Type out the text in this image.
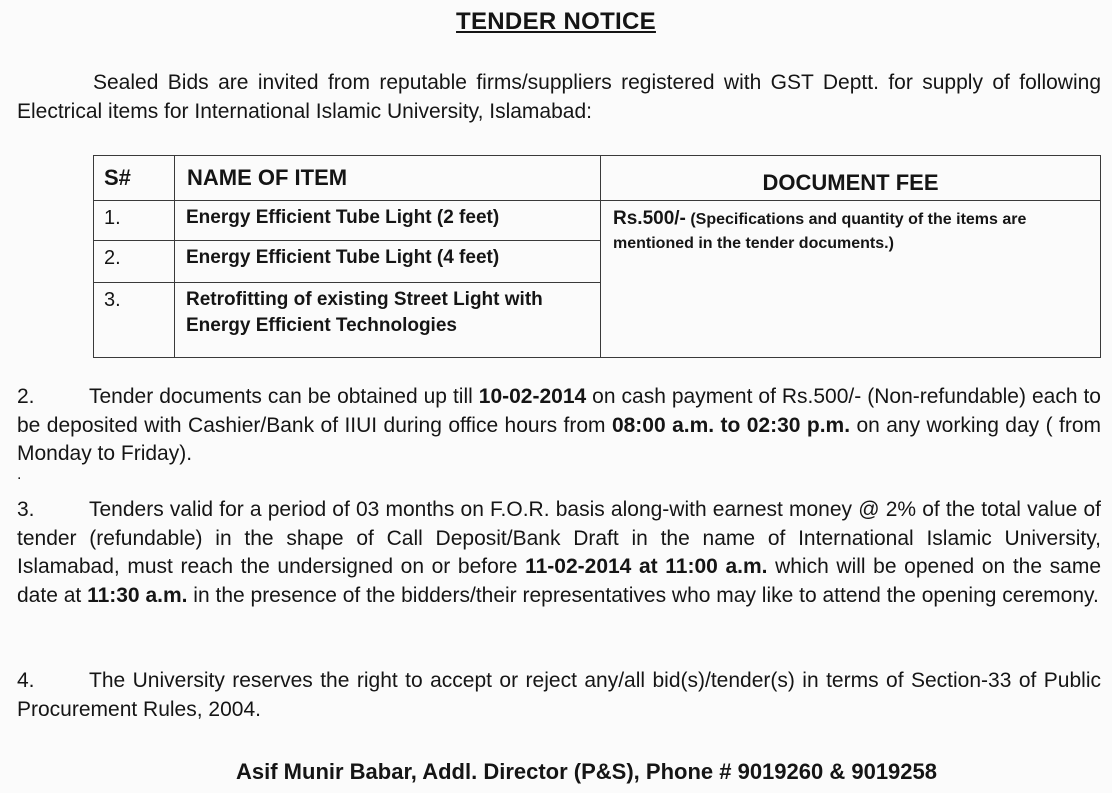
TENDER NOTICE

Sealed Bids are invited from reputable firms/suppliers registered with GST Deptt. for supply of following Electrical items for International Islamic University, Islamabad:

S#	NAME OF ITEM	DOCUMENT FEE
1.	Energy Efficient Tube Light (2 feet)	Rs.500/- (Specifications and quantity of the items are mentioned in the tender documents.)
2.	Energy Efficient Tube Light (4 feet)	
3.	Retrofitting of existing Street Light with Energy Efficient Technologies	

2.	Tender documents can be obtained up till 10-02-2014 on cash payment of Rs.500/- (Non-refundable) each to be deposited with Cashier/Bank of IIUI during office hours from 08:00 a.m. to 02:30 p.m. on any working day ( from Monday to Friday).

.

3.	Tenders valid for a period of 03 months on F.O.R. basis along-with earnest money @ 2% of the total value of tender (refundable) in the shape of Call Deposit/Bank Draft in the name of International Islamic University, Islamabad, must reach the undersigned on or before 11-02-2014 at 11:00 a.m. which will be opened on the same date at 11:30 a.m. in the presence of the bidders/their representatives who may like to attend the opening ceremony.

4.	The University reserves the right to accept or reject any/all bid(s)/tender(s) in terms of Section-33 of Public Procurement Rules, 2004.

Asif Munir Babar, Addl. Director (P&S), Phone # 9019260 & 9019258
